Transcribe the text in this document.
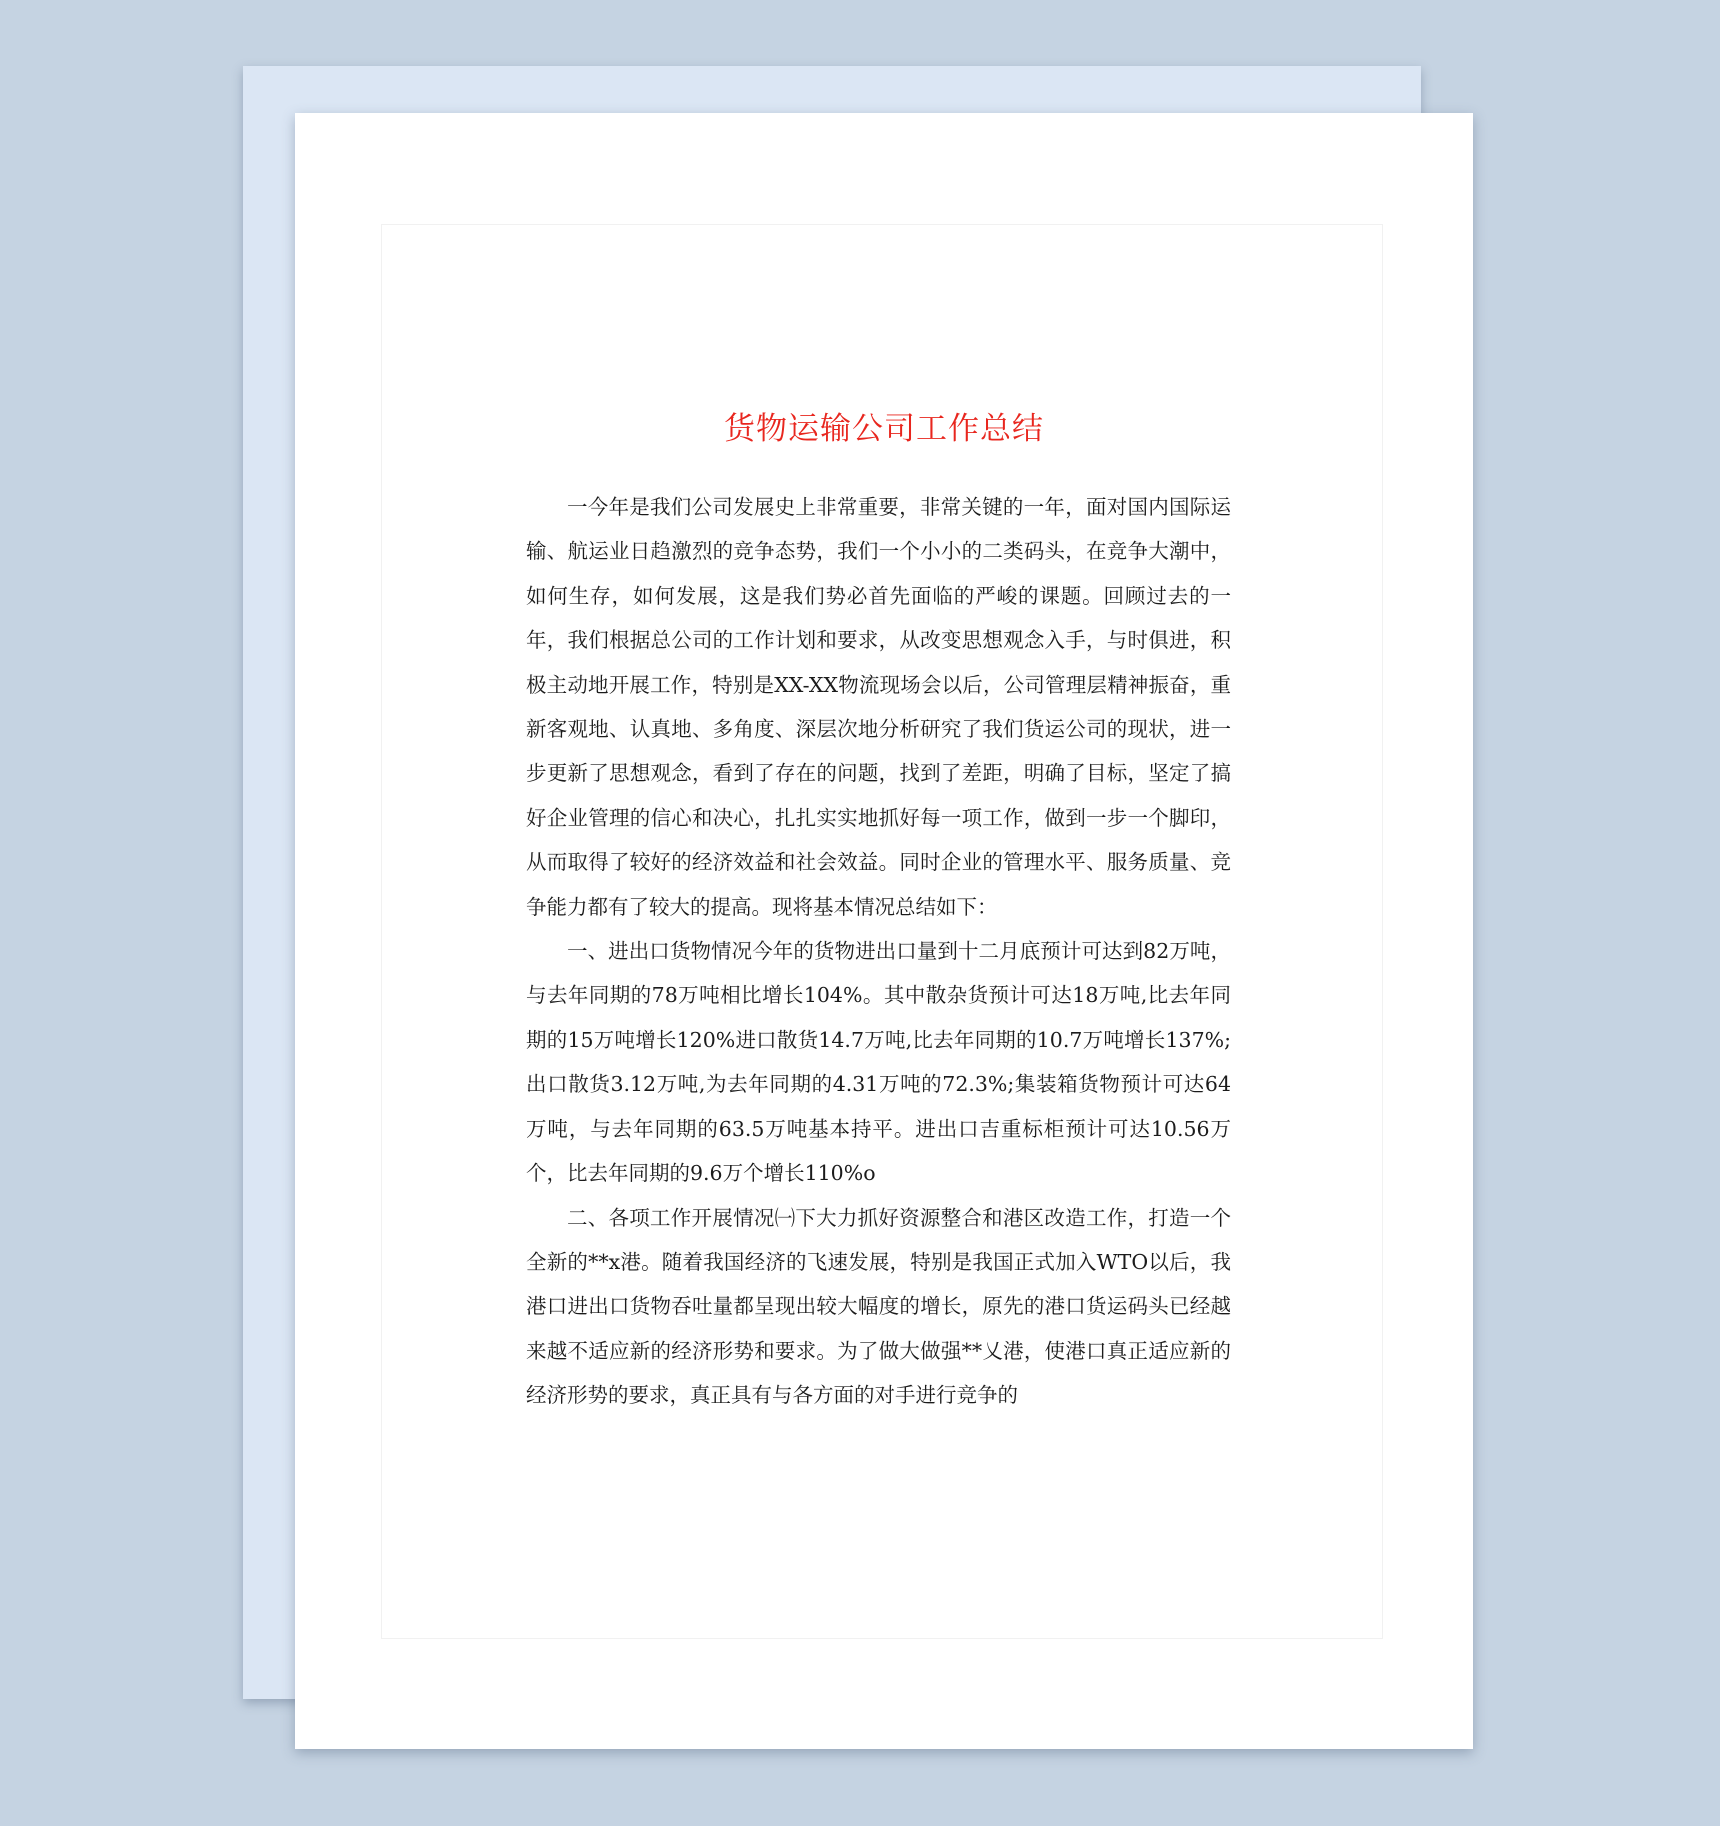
货物运输公司工作总结

一今年是我们公司发展史上非常重要，非常关键的一年，面对国内国际运输、航运业日趋激烈的竞争态势，我们一个小小的二类码头，在竞争大潮中，如何生存，如何发展，这是我们势必首先面临的严峻的课题。回顾过去的一年，我们根据总公司的工作计划和要求，从改变思想观念入手，与时俱进，积极主动地开展工作，特别是XX-XX物流现场会以后，公司管理层精神振奋，重新客观地、认真地、多角度、深层次地分析研究了我们货运公司的现状，进一步更新了思想观念，看到了存在的问题，找到了差距，明确了目标，坚定了搞好企业管理的信心和决心，扎扎实实地抓好每一项工作，做到一步一个脚印，从而取得了较好的经济效益和社会效益。同时企业的管理水平、服务质量、竞争能力都有了较大的提高。现将基本情况总结如下：

一、进出口货物情况今年的货物进出口量到十二月底预计可达到82万吨，与去年同期的78万吨相比增长104%。其中散杂货预计可达18万吨,比去年同期的15万吨增长120%进口散货14.7万吨,比去年同期的10.7万吨增长137%;出口散货3.12万吨,为去年同期的4.31万吨的72.3%;集装箱货物预计可达64万吨，与去年同期的63.5万吨基本持平。进出口吉重标柜预计可达10.56万个，比去年同期的9.6万个增长110%o

二、各项工作开展情况㈠下大力抓好资源整合和港区改造工作，打造一个全新的**x港。随着我国经济的飞速发展，特别是我国正式加入WTO以后，我港口进出口货物吞吐量都呈现出较大幅度的增长，原先的港口货运码头已经越来越不适应新的经济形势和要求。为了做大做强**乂港，使港口真正适应新的经济形势的要求，真正具有与各方面的对手进行竞争的
